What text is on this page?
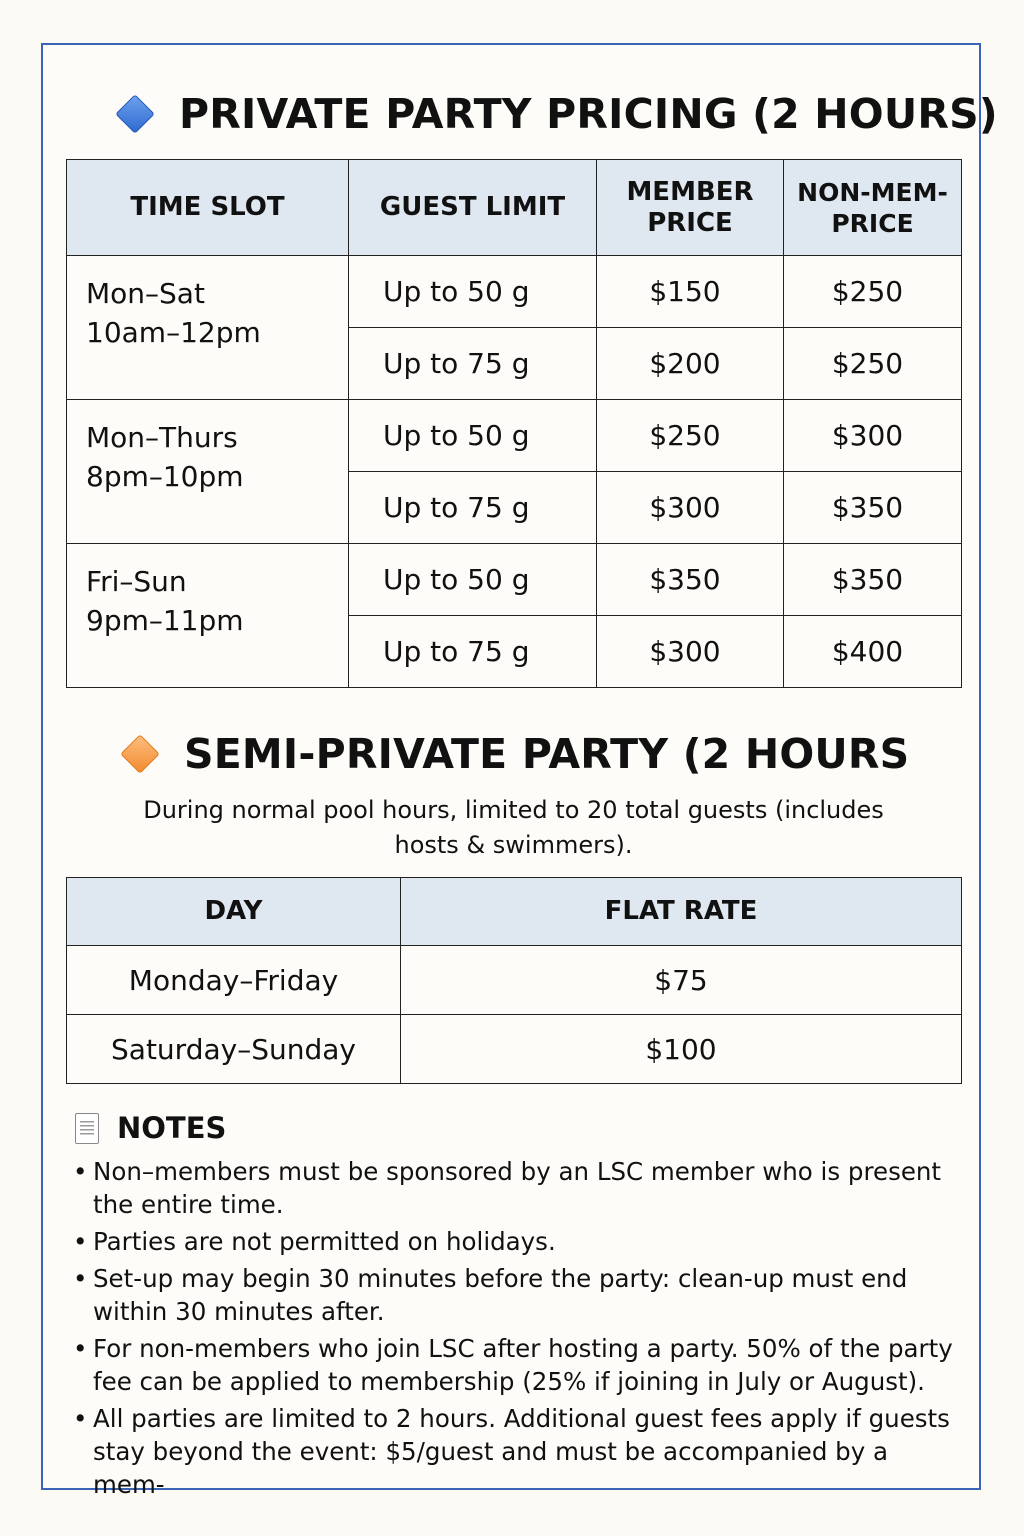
PRIVATE PARTY PRICING (2 HOURS)
TIME SLOT	GUEST LIMIT	MEMBER PRICE	NON-MEM-PRICE

Mon–Sat
10am–12pm	Up to 50 g	$150	$250
	Up to 75 g	$200	$250

Mon–Thurs
8pm–10pm	Up to 50 g	$250	$300
	Up to 75 g	$300	$350

Fri–Sun
9pm–11pm	Up to 50 g	$350	$350
	Up to 75 g	$300	$400
SEMI-PRIVATE PARTY (2 HOURS
During normal pool hours, limited to 20 total guests (includes
hosts & swimmers).
DAY	FLAT RATE
Monday–Friday	$75
Saturday–Sunday	$100
NOTES
• Non–members must be sponsored by an LSC member who is present the entire time.
• Parties are not permitted on holidays.
• Set-up may begin 30 minutes before the party: clean-up must end within 30 minutes after.
• For non-members who join LSC after hosting a party. 50% of the party fee can be applied to membership (25% if joining in July or August).
• All parties are limited to 2 hours. Additional guest fees apply if guests stay beyond the event: $5/guest and must be accompanied by a mem-
